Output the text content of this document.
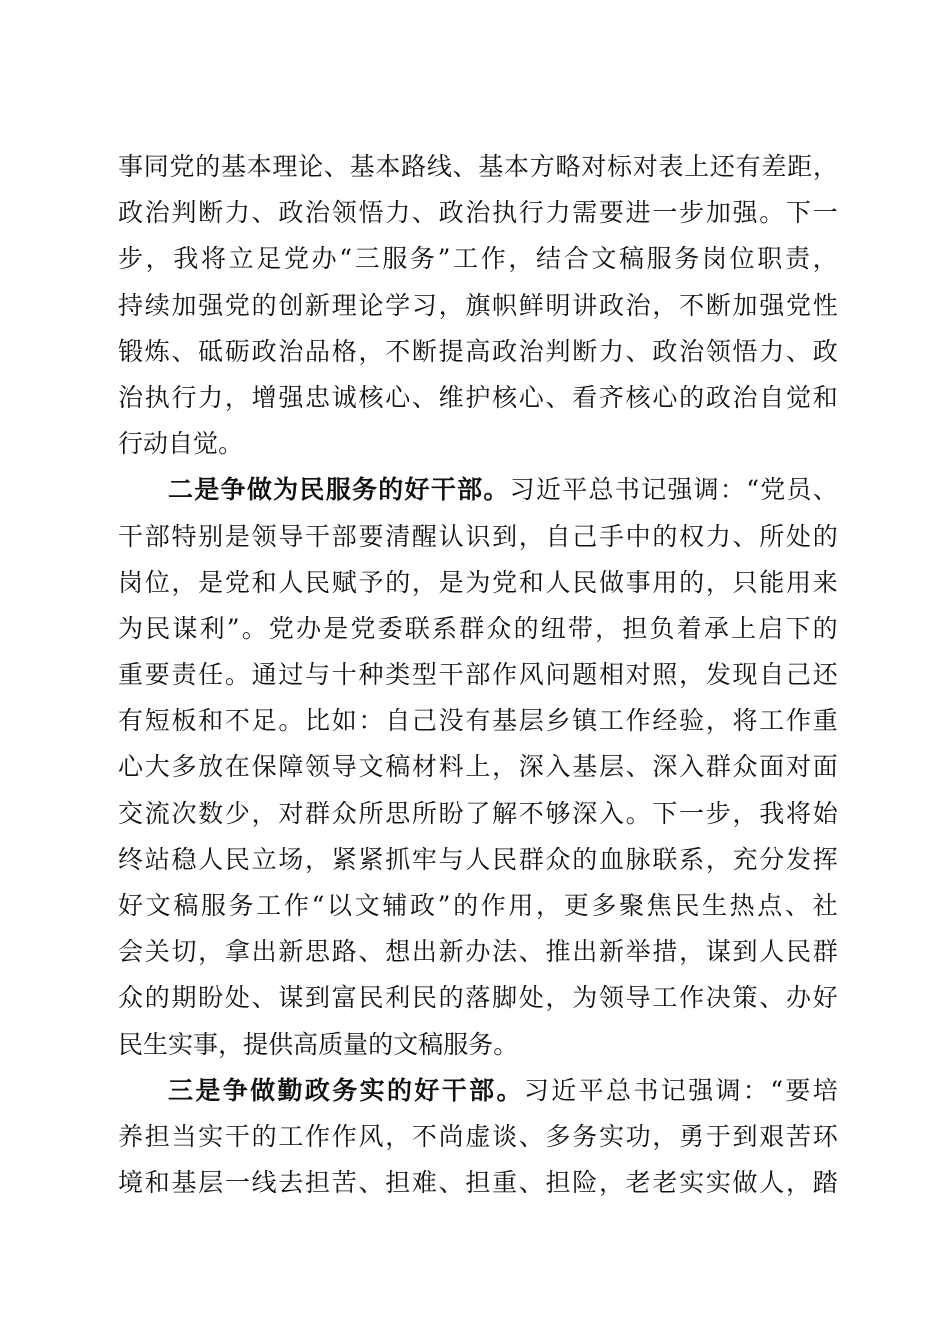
事 同 党 的 基 本 理 论 、 基 本 路 线 、 基 本 方 略 对 标 对 表 上 还 有 差 距 ，
政 治 判 断 力 、 政 治 领 悟 力 、 政 治 执 行 力 需 要 进 一 步 加 强 。 下 一
步 ， 我 将 立 足 党 办 “ 三 服 务 ” 工 作 ， 结 合 文 稿 服 务 岗 位 职 责 ，
持 续 加 强 党 的 创 新 理 论 学 习 ， 旗 帜 鲜 明 讲 政 治 ， 不 断 加 强 党 性
锻 炼 、 砥 砺 政 治 品 格 ， 不 断 提 高 政 治 判 断 力 、 政 治 领 悟 力 、 政
治 执 行 力 ， 增 强 忠 诚 核 心 、 维 护 核 心 、 看 齐 核 心 的 政 治 自 觉 和
行 动 自 觉 。
二 是 争 做 为 民 服 务 的 好 干 部 。 习 近 平 总 书 记 强 调 ： “ 党 员 、
干 部 特 别 是 领 导 干 部 要 清 醒 认 识 到 ， 自 己 手 中 的 权 力 、 所 处 的
岗 位 ， 是 党 和 人 民 赋 予 的 ， 是 为 党 和 人 民 做 事 用 的 ， 只 能 用 来
为 民 谋 利 ” 。 党 办 是 党 委 联 系 群 众 的 纽 带 ， 担 负 着 承 上 启 下 的
重 要 责 任 。 通 过 与 十 种 类 型 干 部 作 风 问 题 相 对 照 ， 发 现 自 己 还
有 短 板 和 不 足 。 比 如 ： 自 己 没 有 基 层 乡 镇 工 作 经 验 ， 将 工 作 重
心 大 多 放 在 保 障 领 导 文 稿 材 料 上 ， 深 入 基 层 、 深 入 群 众 面 对 面
交 流 次 数 少 ， 对 群 众 所 思 所 盼 了 解 不 够 深 入 。 下 一 步 ， 我 将 始
终 站 稳 人 民 立 场 ， 紧 紧 抓 牢 与 人 民 群 众 的 血 脉 联 系 ， 充 分 发 挥
好 文 稿 服 务 工 作 “ 以 文 辅 政 ” 的 作 用 ， 更 多 聚 焦 民 生 热 点 、 社
会 关 切 ， 拿 出 新 思 路 、 想 出 新 办 法 、 推 出 新 举 措 ， 谋 到 人 民 群
众 的 期 盼 处 、 谋 到 富 民 利 民 的 落 脚 处 ， 为 领 导 工 作 决 策 、 办 好
民 生 实 事 ， 提 供 高 质 量 的 文 稿 服 务 。
三 是 争 做 勤 政 务 实 的 好 干 部 。 习 近 平 总 书 记 强 调 ： “ 要 培
养 担 当 实 干 的 工 作 作 风 ， 不 尚 虚 谈 、 多 务 实 功 ， 勇 于 到 艰 苦 环
境 和 基 层 一 线 去 担 苦 、 担 难 、 担 重 、 担 险 ， 老 老 实 实 做 人 ， 踏
